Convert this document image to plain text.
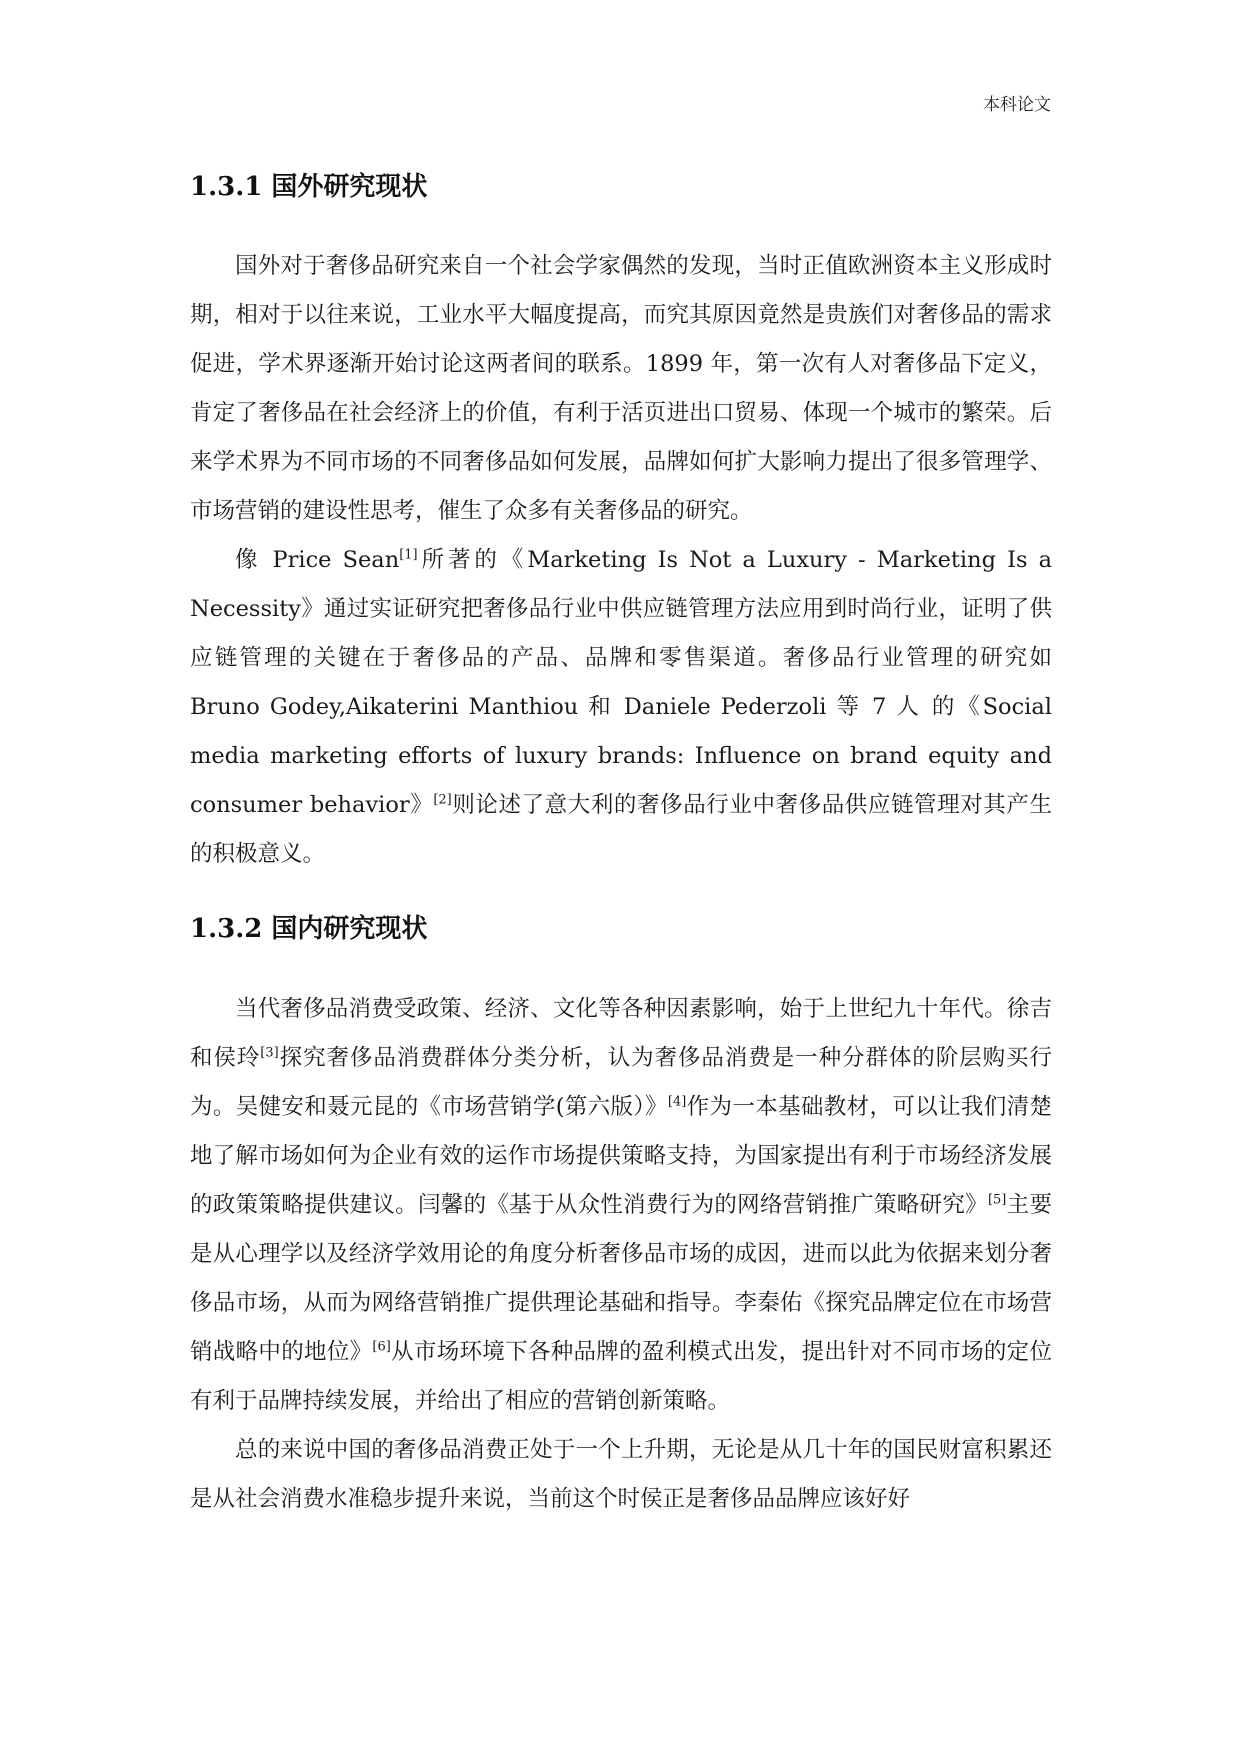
本科论文
1.3.1 国外研究现状

国外对于奢侈品研究来自一个社会学家偶然的发现，当时正值欧洲资本主义形成时期，相对于以往来说，工业水平大幅度提高，而究其原因竟然是贵族们对奢侈品的需求促进，学术界逐渐开始讨论这两者间的联系。1899 年，第一次有人对奢侈品下定义，肯定了奢侈品在社会经济上的价值，有利于活页进出口贸易、体现一个城市的繁荣。后来学术界为不同市场的不同奢侈品如何发展，品牌如何扩大影响力提出了很多管理学、市场营销的建设性思考，催生了众多有关奢侈品的研究。

像 Price Sean[1]所著的《Marketing Is Not a Luxury - Marketing Is a Necessity》通过实证研究把奢侈品行业中供应链管理方法应用到时尚行业，证明了供应链管理的关键在于奢侈品的产品、品牌和零售渠道。奢侈品行业管理的研究如 Bruno Godey,Aikaterini Manthiou 和 Daniele Pederzoli 等 7 人 的《Social media marketing efforts of luxury brands: Influence on brand equity and consumer behavior》[2]则论述了意大利的奢侈品行业中奢侈品供应链管理对其产生的积极意义。

1.3.2 国内研究现状

当代奢侈品消费受政策、经济、文化等各种因素影响，始于上世纪九十年代。徐吉和侯玲[3]探究奢侈品消费群体分类分析，认为奢侈品消费是一种分群体的阶层购买行为。吴健安和聂元昆的《市场营销学(第六版）》[4]作为一本基础教材，可以让我们清楚地了解市场如何为企业有效的运作市场提供策略支持，为国家提出有利于市场经济发展的政策策略提供建议。闫馨的《基于从众性消费行为的网络营销推广策略研究》[5]主要是从心理学以及经济学效用论的角度分析奢侈品市场的成因，进而以此为依据来划分奢侈品市场，从而为网络营销推广提供理论基础和指导。李秦佑《探究品牌定位在市场营销战略中的地位》[6]从市场环境下各种品牌的盈利模式出发，提出针对不同市场的定位有利于品牌持续发展，并给出了相应的营销创新策略。

总的来说中国的奢侈品消费正处于一个上升期，无论是从几十年的国民财富积累还是从社会消费水准稳步提升来说，当前这个时侯正是奢侈品品牌应该好好
